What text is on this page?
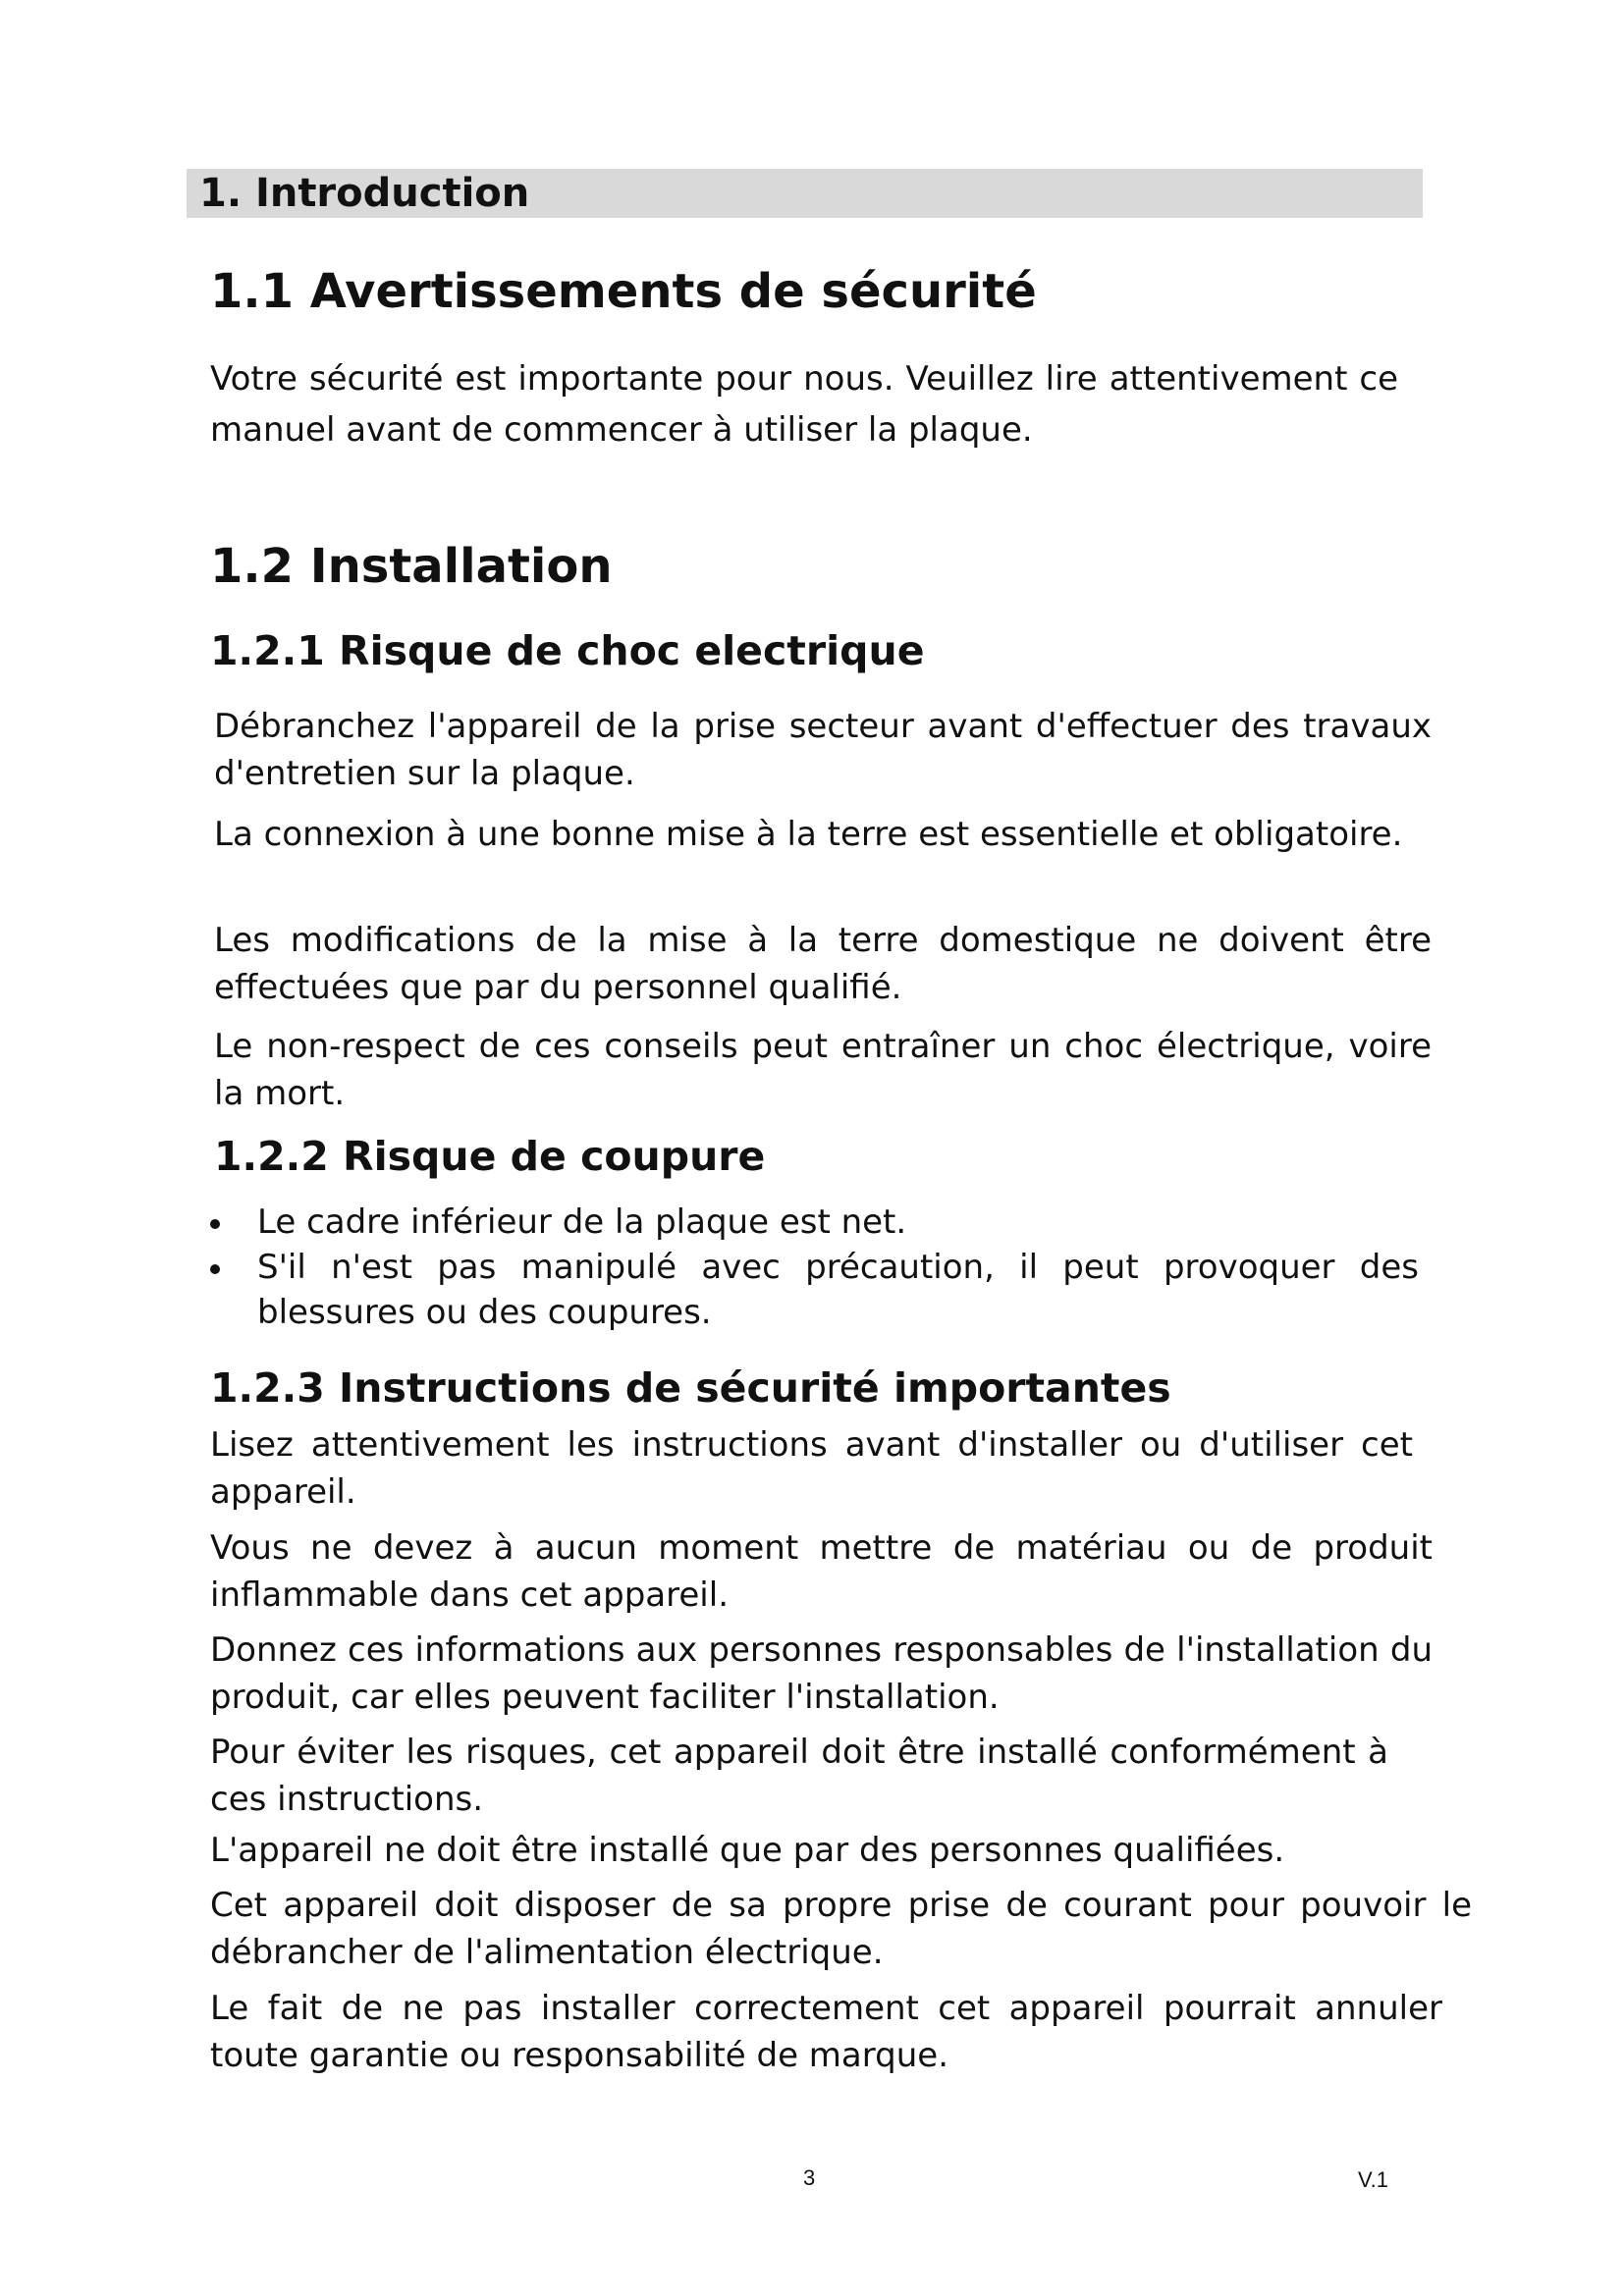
1. Introduction
1.1 Avertissements de sécurité

Votre sécurité est importante pour nous. Veuillez lire attentivement ce manuel avant de commencer à utiliser la plaque.

1.2 Installation
1.2.1 Risque de choc electrique

Débranchez l'appareil de la prise secteur avant d'effectuer des travaux d'entretien sur la plaque.

La connexion à une bonne mise à la terre est essentielle et obligatoire.

Les modifications de la mise à la terre domestique ne doivent être effectuées que par du personnel qualifié.

Le non-respect de ces conseils peut entraîner un choc électrique, voire la mort.

1.2.2 Risque de coupure
Le cadre inférieur de la plaque est net.
S'il n'est pas manipulé avec précaution, il peut provoquer des blessures ou des coupures.
1.2.3 Instructions de sécurité importantes

Lisez attentivement les instructions avant d'installer ou d'utiliser cet appareil.

Vous ne devez à aucun moment mettre de matériau ou de produit inflammable dans cet appareil.

Donnez ces informations aux personnes responsables de l'installation du produit, car elles peuvent faciliter l'installation.

Pour éviter les risques, cet appareil doit être installé conformément à ces instructions.

L'appareil ne doit être installé que par des personnes qualifiées.

Cet appareil doit disposer de sa propre prise de courant pour pouvoir le débrancher de l'alimentation électrique.

Le fait de ne pas installer correctement cet appareil pourrait annuler toute garantie ou responsabilité de marque.

3	V.1
